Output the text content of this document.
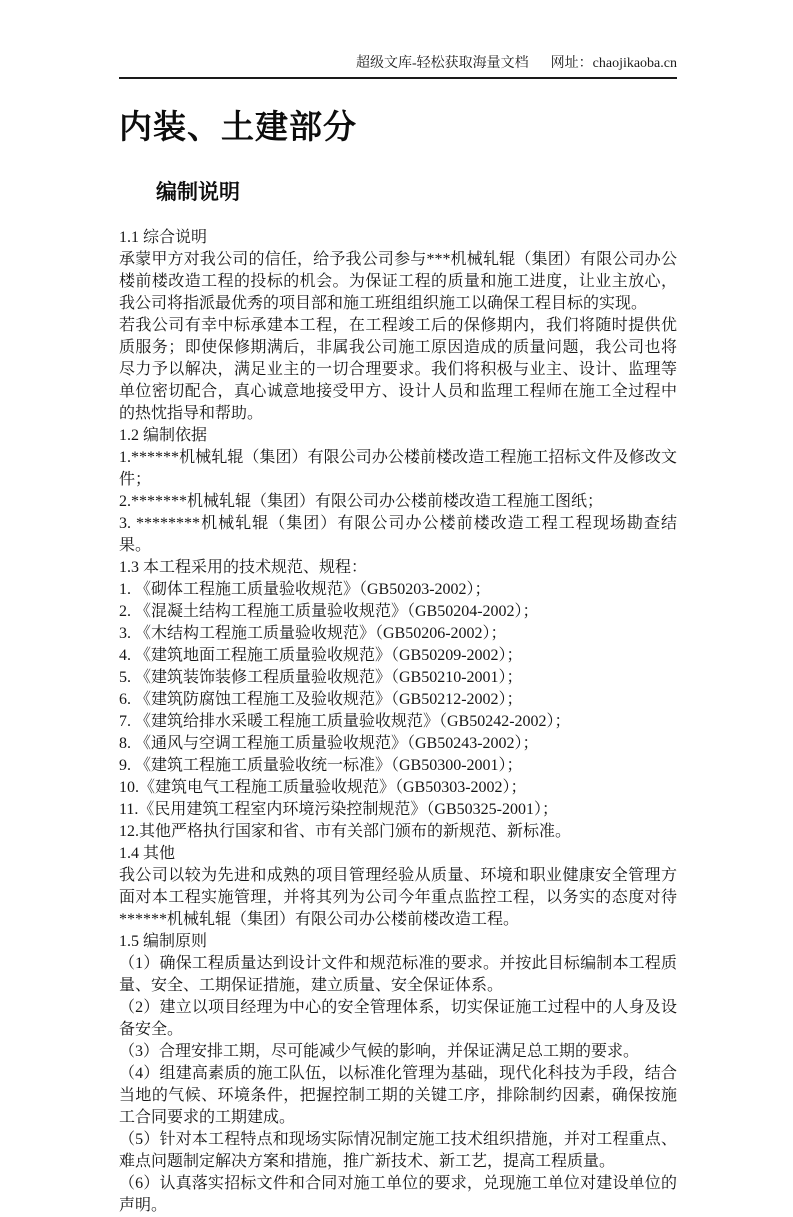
超级文库-轻松获取海量文档 网址：chaojikaoba.cn
内装、土建部分
编制说明

1.1 综合说明

承蒙甲方对我公司的信任，给予我公司参与***机械轧辊（集团）有限公司办公楼前楼改造工程的投标的机会。为保证工程的质量和施工进度，让业主放心，我公司将指派最优秀的项目部和施工班组组织施工以确保工程目标的实现。

若我公司有幸中标承建本工程，在工程竣工后的保修期内，我们将随时提供优质服务；即使保修期满后，非属我公司施工原因造成的质量问题，我公司也将尽力予以解决，满足业主的一切合理要求。我们将积极与业主、设计、监理等单位密切配合，真心诚意地接受甲方、设计人员和监理工程师在施工全过程中的热忱指导和帮助。

1.2 编制依据

1.******机械轧辊（集团）有限公司办公楼前楼改造工程施工招标文件及修改文件；

2.*******机械轧辊（集团）有限公司办公楼前楼改造工程施工图纸；

3. ********机械轧辊（集团）有限公司办公楼前楼改造工程工程现场勘查结果。

1.3 本工程采用的技术规范、规程：

1. 《砌体工程施工质量验收规范》（GB50203-2002）；

2. 《混凝土结构工程施工质量验收规范》（GB50204-2002）；

3. 《木结构工程施工质量验收规范》（GB50206-2002）；

4. 《建筑地面工程施工质量验收规范》（GB50209-2002）；

5. 《建筑装饰装修工程质量验收规范》（GB50210-2001）；

6. 《建筑防腐蚀工程施工及验收规范》（GB50212-2002）；

7. 《建筑给排水采暖工程施工质量验收规范》（GB50242-2002）；

8. 《通风与空调工程施工质量验收规范》（GB50243-2002）；

9. 《建筑工程施工质量验收统一标准》（GB50300-2001）；

10.《建筑电气工程施工质量验收规范》（GB50303-2002）；

11.《民用建筑工程室内环境污染控制规范》（GB50325-2001）；

12.其他严格执行国家和省、市有关部门颁布的新规范、新标准。

1.4 其他

我公司以较为先进和成熟的项目管理经验从质量、环境和职业健康安全管理方面对本工程实施管理，并将其列为公司今年重点监控工程，以务实的态度对待******机械轧辊（集团）有限公司办公楼前楼改造工程。

1.5 编制原则

（1）确保工程质量达到设计文件和规范标准的要求。并按此目标编制本工程质量、安全、工期保证措施，建立质量、安全保证体系。

（2）建立以项目经理为中心的安全管理体系，切实保证施工过程中的人身及设备安全。

（3）合理安排工期，尽可能减少气候的影响，并保证满足总工期的要求。

（4）组建高素质的施工队伍，以标准化管理为基础，现代化科技为手段，结合当地的气候、环境条件，把握控制工期的关键工序，排除制约因素，确保按施工合同要求的工期建成。

（5）针对本工程特点和现场实际情况制定施工技术组织措施，并对工程重点、难点问题制定解决方案和措施，推广新技术、新工艺，提高工程质量。

（6）认真落实招标文件和合同对施工单位的要求，兑现施工单位对建设单位的声明。
